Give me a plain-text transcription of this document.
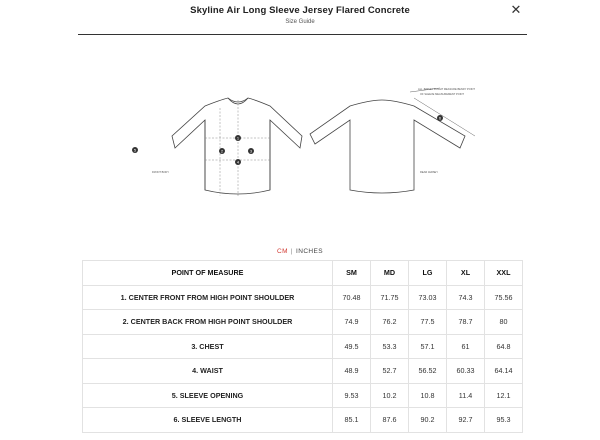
Skyline Air Long Sleeve Jersey Flared Concrete
Size Guide
✕
1
2	3
4
5
6
ALL JERSEY FLIGHT MEASURE BENDY POINT
OF SLEEVE MEASUREMENT POINT
FRONT BODY	REAR JERSEY
CM | INCHES
POINT OF MEASURE	SM	MD	LG	XL	XXL
1. CENTER FRONT FROM HIGH POINT SHOULDER	70.48	71.75	73.03	74.3	75.56
2. CENTER BACK FROM HIGH POINT SHOULDER	74.9	76.2	77.5	78.7	80
3. CHEST	49.5	53.3	57.1	61	64.8
4. WAIST	48.9	52.7	56.52	60.33	64.14
5. SLEEVE OPENING	9.53	10.2	10.8	11.4	12.1
6. SLEEVE LENGTH	85.1	87.6	90.2	92.7	95.3
